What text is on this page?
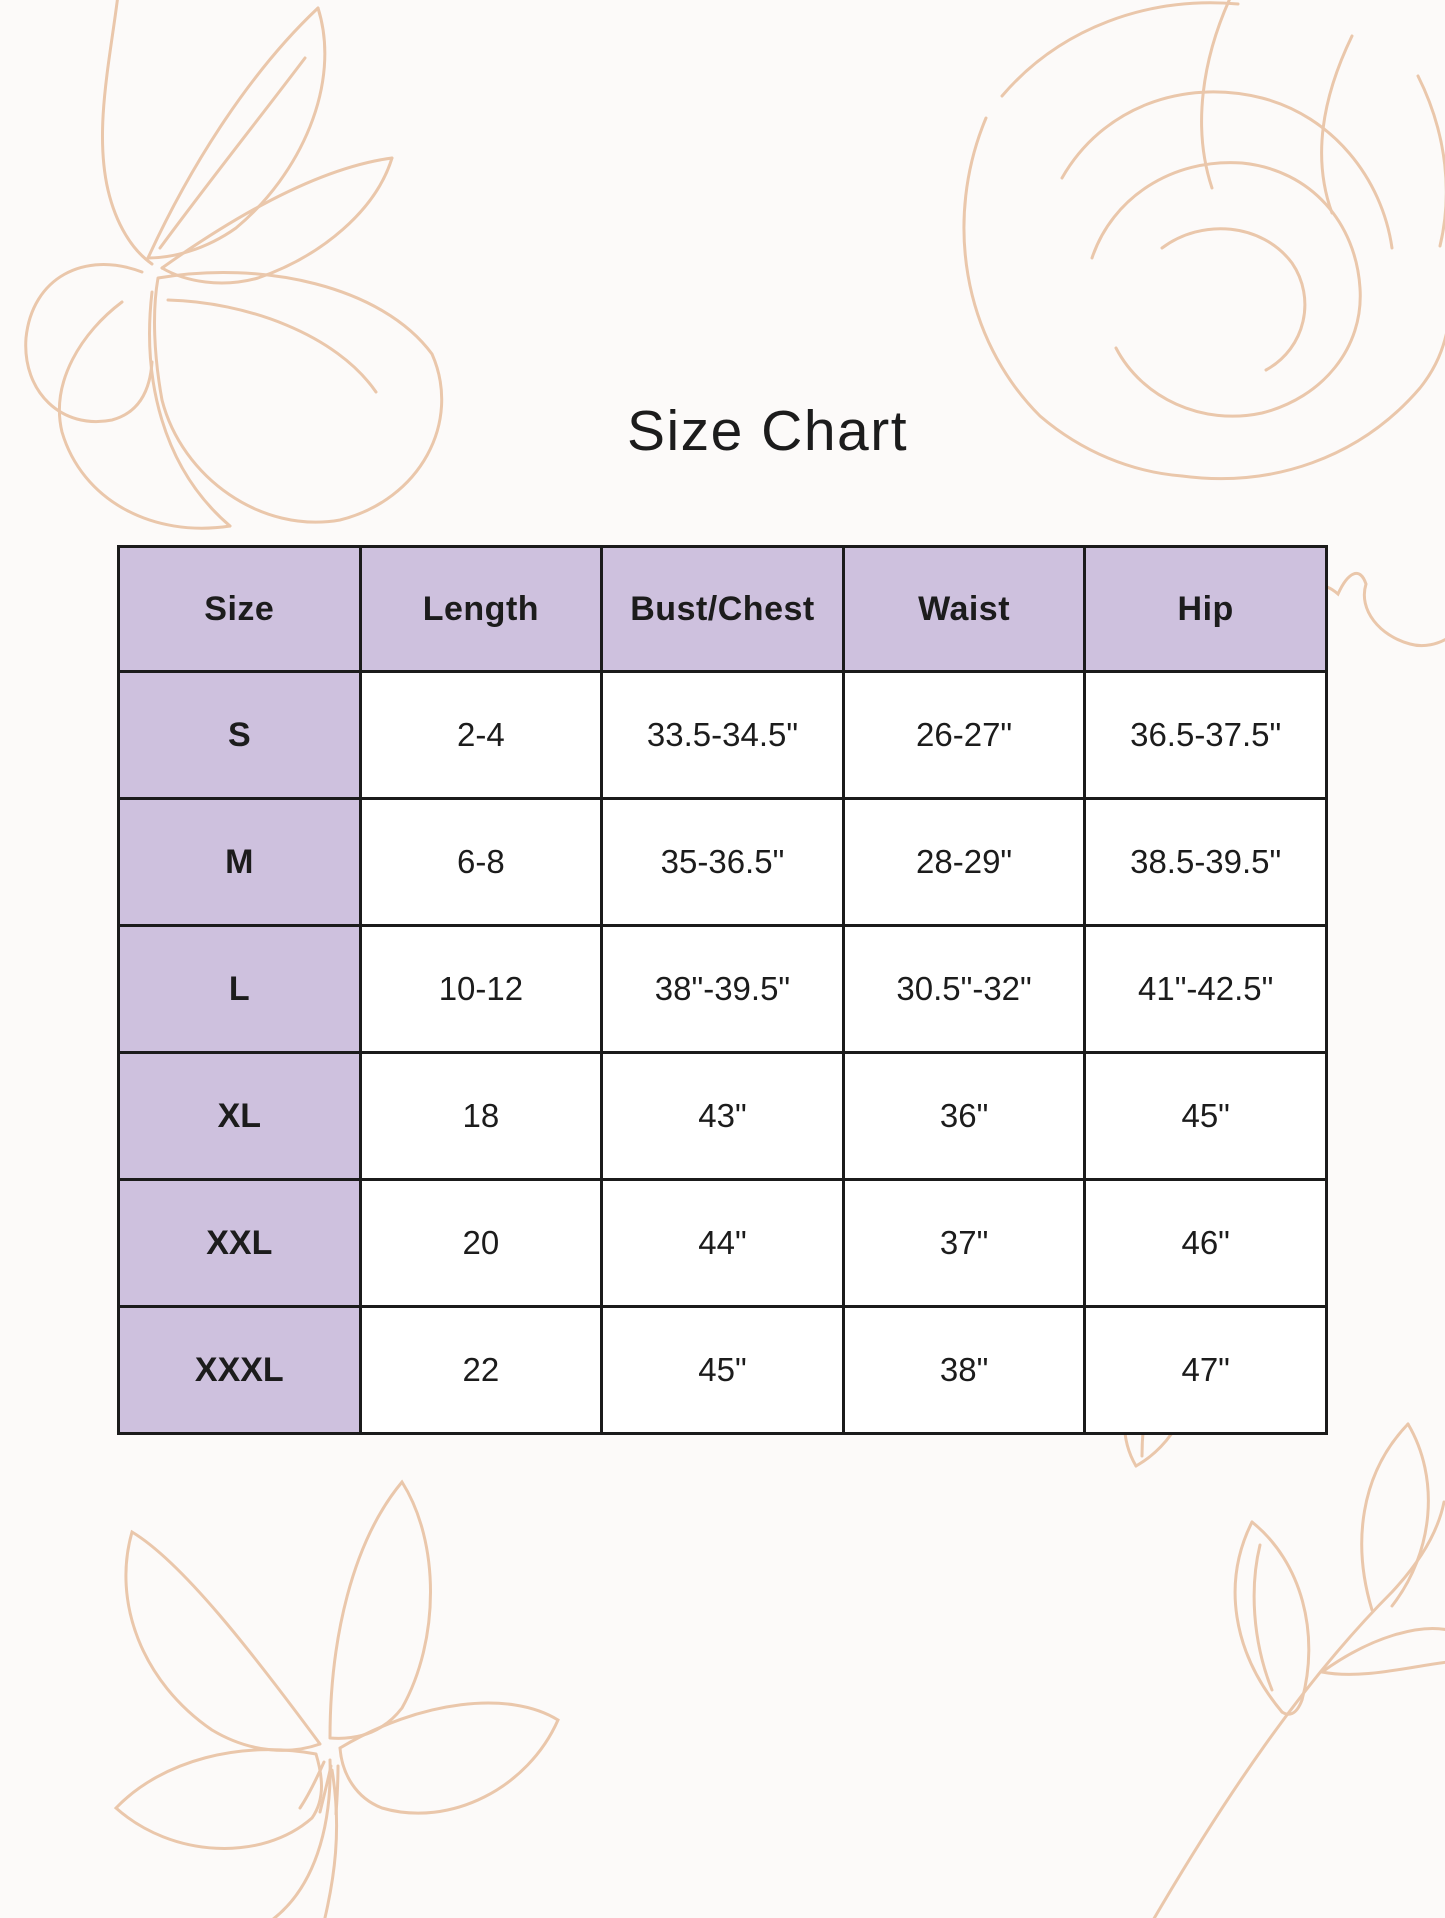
Size Chart
Size	Length	Bust/Chest	Waist	Hip
S	2-4	33.5-34.5"	26-27"	36.5-37.5"
M	6-8	35-36.5"	28-29"	38.5-39.5"
L	10-12	38"-39.5"	30.5"-32"	41"-42.5"
XL	18	43"	36"	45"
XXL	20	44"	37"	46"
XXXL	22	45"	38"	47"
